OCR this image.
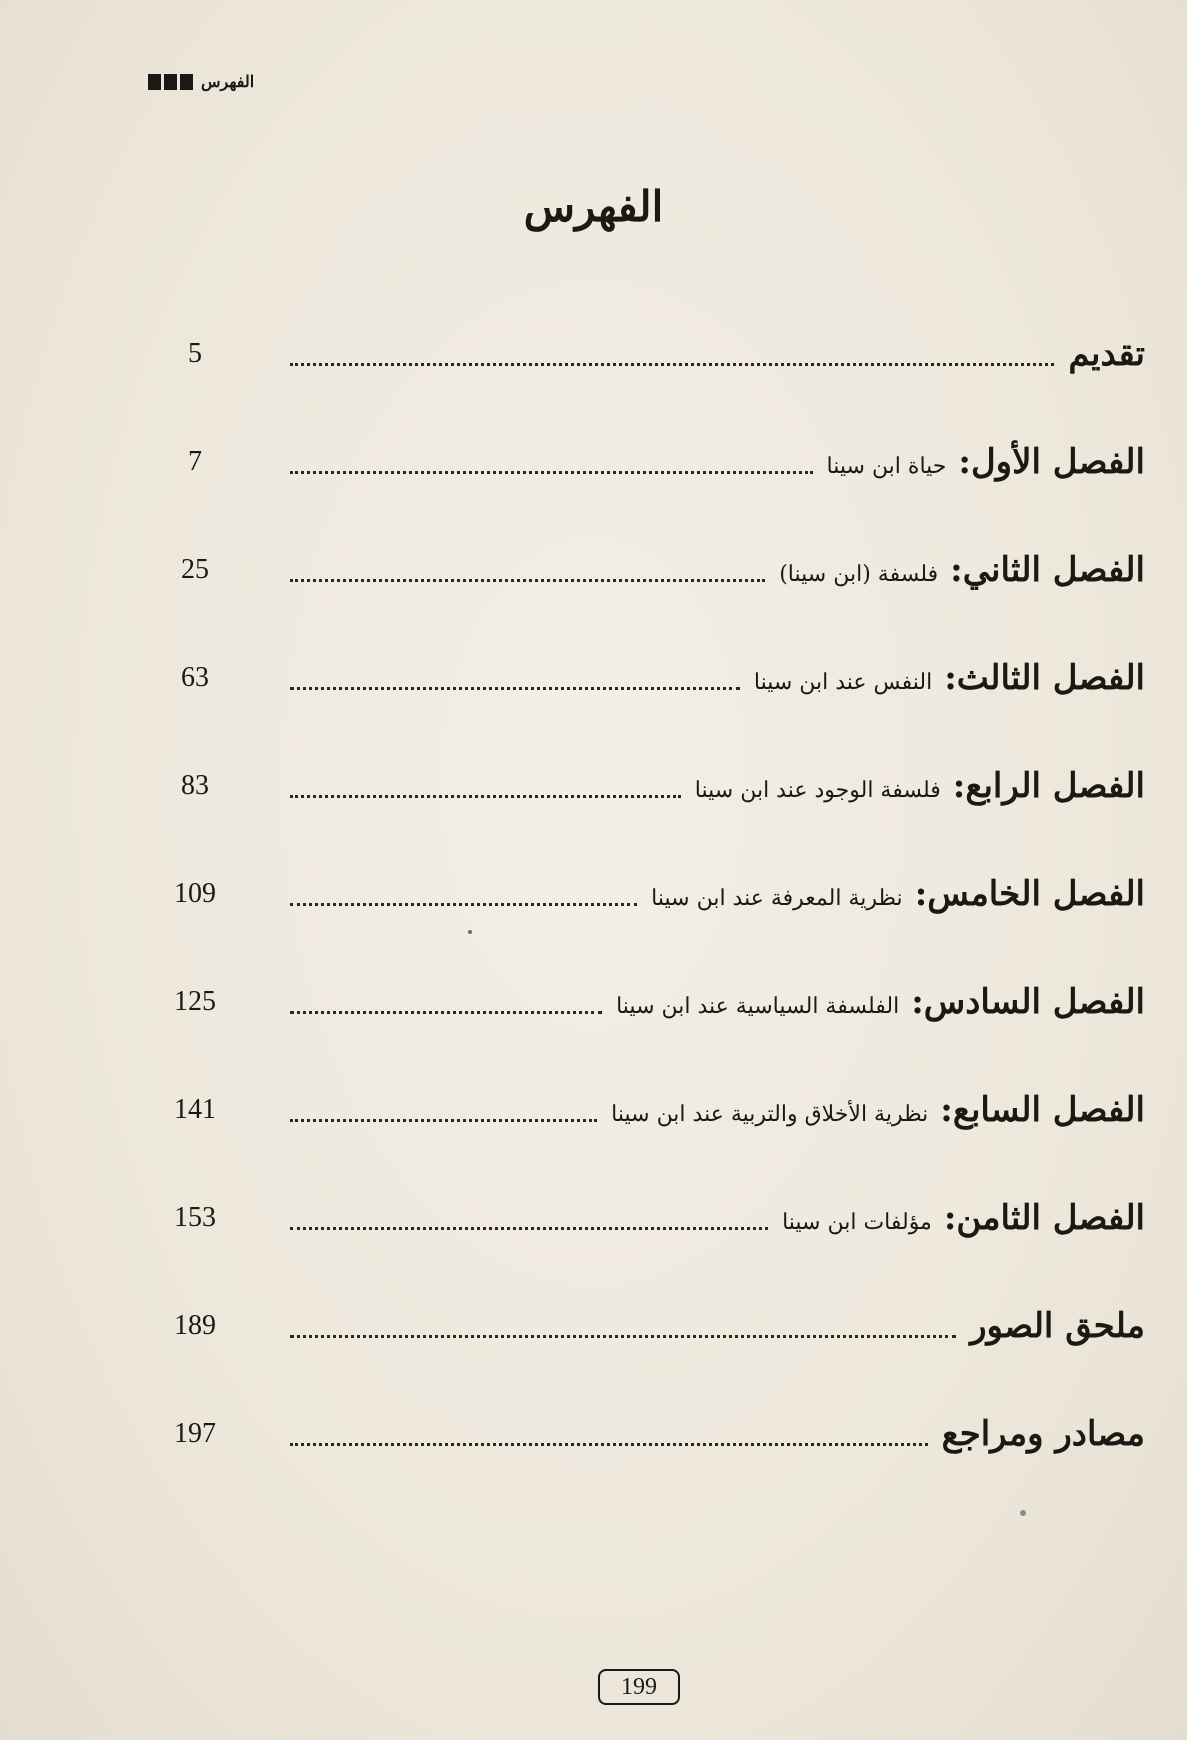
الفهرس
الفهرس
تقديم
5
الفصل الأول
:
حياة ابن سينا
7
الفصل الثاني
:
فلسفة (ابن سينا)
25
الفصل الثالث
:
النفس عند ابن سينا
63
الفصل الرابع
:
فلسفة الوجود عند ابن سينا
83
الفصل الخامس
:
نظرية المعرفة عند ابن سينا
109
الفصل السادس
:
الفلسفة السياسية عند ابن سينا
125
الفصل السابع
:
نظرية الأخلاق والتربية عند ابن سينا
141
الفصل الثامن
:
مؤلفات ابن سينا
153
ملحق الصور
189
مصادر ومراجع
197
199
